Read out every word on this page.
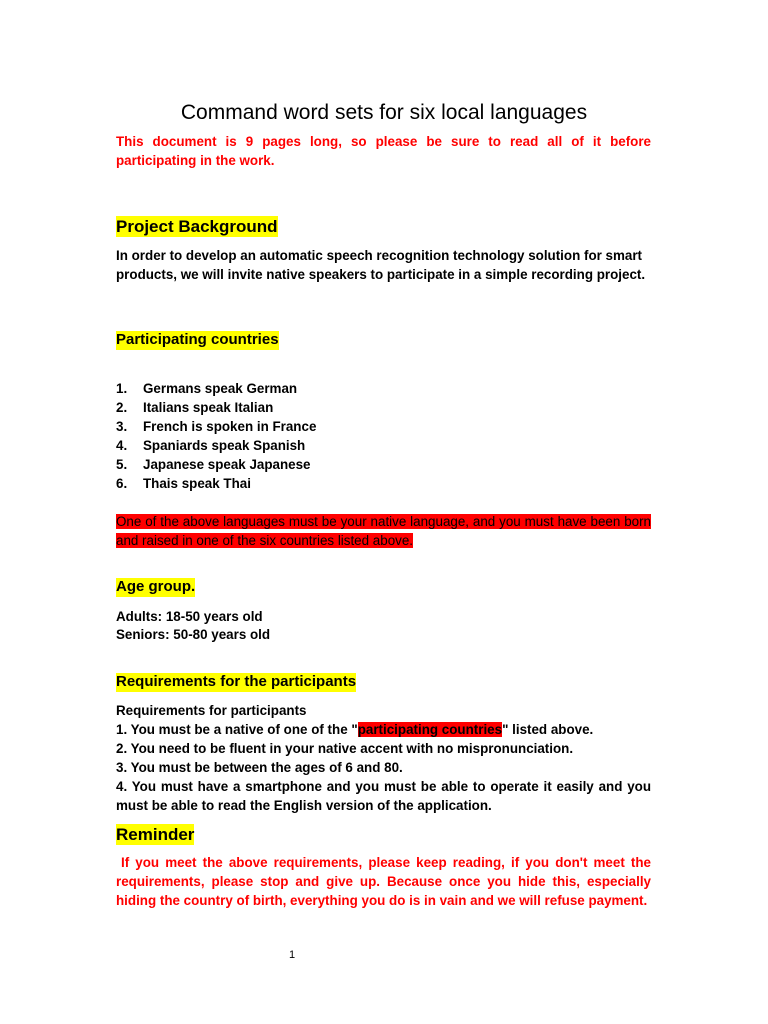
Command word sets for six local languages

This document is 9 pages long, so please be sure to read all of it before participating in the work.

Project Background

In order to develop an automatic speech recognition technology solution for smart products, we will invite native speakers to participate in a simple recording project.

Participating countries
1.	Germans speak German
2.	Italians speak Italian
3.	French is spoken in France
4.	Spaniards speak Spanish
5.	Japanese speak Japanese
6.	Thais speak Thai

One of the above languages must be your native language, and you must have been born and raised in one of the six countries listed above.

Age group.

Adults: 18-50 years old

Seniors: 50-80 years old

Requirements for the participants

Requirements for participants

1. You must be a native of one of the "participating countries" listed above.

2. You need to be fluent in your native accent with no mispronunciation.

3. You must be between the ages of 6 and 80.

4. You must have a smartphone and you must be able to operate it easily and you must be able to read the English version of the application.

Reminder

If you meet the above requirements, please keep reading, if you don't meet the requirements, please stop and give up. Because once you hide this, especially hiding the country of birth, everything you do is in vain and we will refuse payment.

1
